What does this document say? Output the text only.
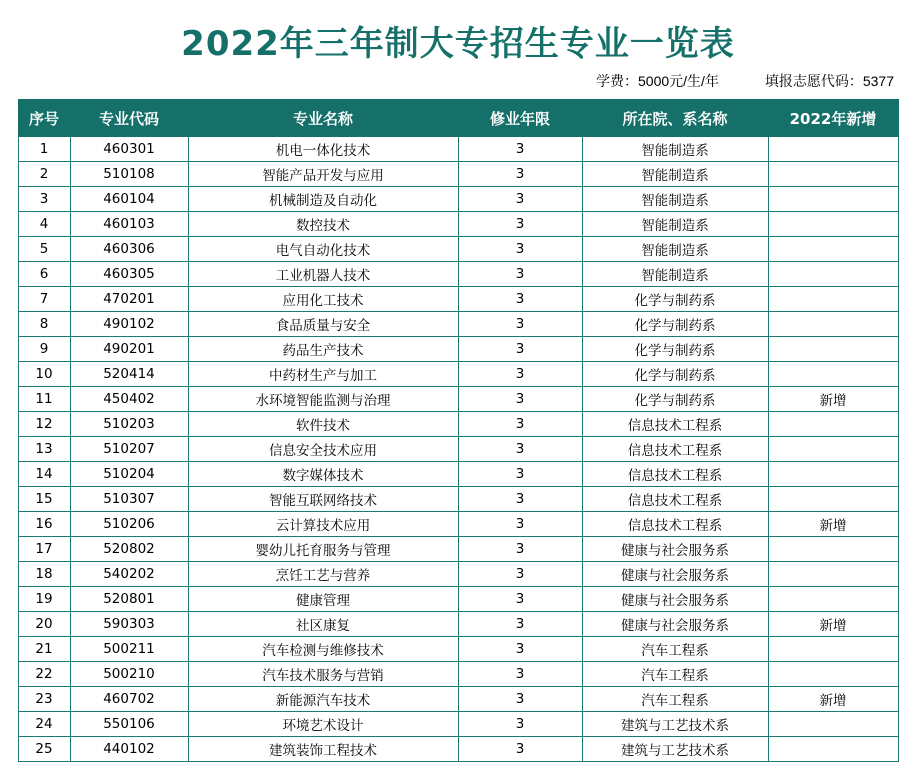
2022年三年制大专招生专业一览表
学费：5000元/生/年	填报志愿代码：5377
序号	专业代码	专业名称	修业年限	所在院、系名称	2022年新增
1	460301	机电一体化技术	3	智能制造系	
2	510108	智能产品开发与应用	3	智能制造系	
3	460104	机械制造及自动化	3	智能制造系	
4	460103	数控技术	3	智能制造系	
5	460306	电气自动化技术	3	智能制造系	
6	460305	工业机器人技术	3	智能制造系	
7	470201	应用化工技术	3	化学与制药系	
8	490102	食品质量与安全	3	化学与制药系	
9	490201	药品生产技术	3	化学与制药系	
10	520414	中药材生产与加工	3	化学与制药系	
11	450402	水环境智能监测与治理	3	化学与制药系	新增
12	510203	软件技术	3	信息技术工程系	
13	510207	信息安全技术应用	3	信息技术工程系	
14	510204	数字媒体技术	3	信息技术工程系	
15	510307	智能互联网络技术	3	信息技术工程系	
16	510206	云计算技术应用	3	信息技术工程系	新增
17	520802	婴幼儿托育服务与管理	3	健康与社会服务系	
18	540202	烹饪工艺与营养	3	健康与社会服务系	
19	520801	健康管理	3	健康与社会服务系	
20	590303	社区康复	3	健康与社会服务系	新增
21	500211	汽车检测与维修技术	3	汽车工程系	
22	500210	汽车技术服务与营销	3	汽车工程系	
23	460702	新能源汽车技术	3	汽车工程系	新增
24	550106	环境艺术设计	3	建筑与工艺技术系	
25	440102	建筑装饰工程技术	3	建筑与工艺技术系	
